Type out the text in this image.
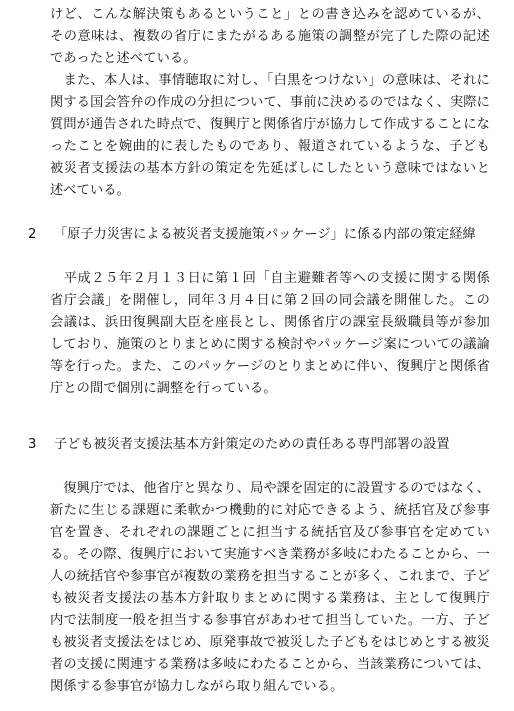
けど、こんな解決策もあるということ」との書き込みを認めているが、その意味は、複数の省庁にまたがるある施策の調整が完了した際の記述であったと述べている。

　また、本人は、事情聴取に対し、「白黒をつけない」の意味は、それに関する国会答弁の作成の分担について、事前に決めるのではなく、実際に質問が通告された時点で、復興庁と関係省庁が協力して作成することになったことを婉曲的に表したものであり、報道されているような、子ども被災者支援法の基本方針の策定を先延ばしにしたという意味ではないと述べている。

2 「原子力災害による被災者支援施策パッケージ」に係る内部の策定経緯

　平成２５年２月１３日に第１回「自主避難者等への支援に関する関係省庁会議」を開催し，同年３月４日に第２回の同会議を開催した。この会議は、浜田復興副大臣を座長とし、関係省庁の課室長級職員等が参加しており、施策のとりまとめに関する検討やパッケージ案についての議論等を行った。また、このパッケージのとりまとめに伴い、復興庁と関係省庁との間で個別に調整を行っている。

3 子ども被災者支援法基本方針策定のための責任ある専門部署の設置

　復興庁では、他省庁と異なり、局や課を固定的に設置するのではなく、新たに生じる課題に柔軟かつ機動的に対応できるよう、統括官及び参事官を置き、それぞれの課題ごとに担当する統括官及び参事官を定めている。その際、復興庁において実施すべき業務が多岐にわたることから、一人の統括官や参事官が複数の業務を担当することが多く、これまで、子ども被災者支援法の基本方針取りまとめに関する業務は、主として復興庁内で法制度一般を担当する参事官があわせて担当していた。一方、子ども被災者支援法をはじめ、原発事故で被災した子どもをはじめとする被災者の支援に関連する業務は多岐にわたることから、当該業務については、関係する参事官が協力しながら取り組んでいる。
